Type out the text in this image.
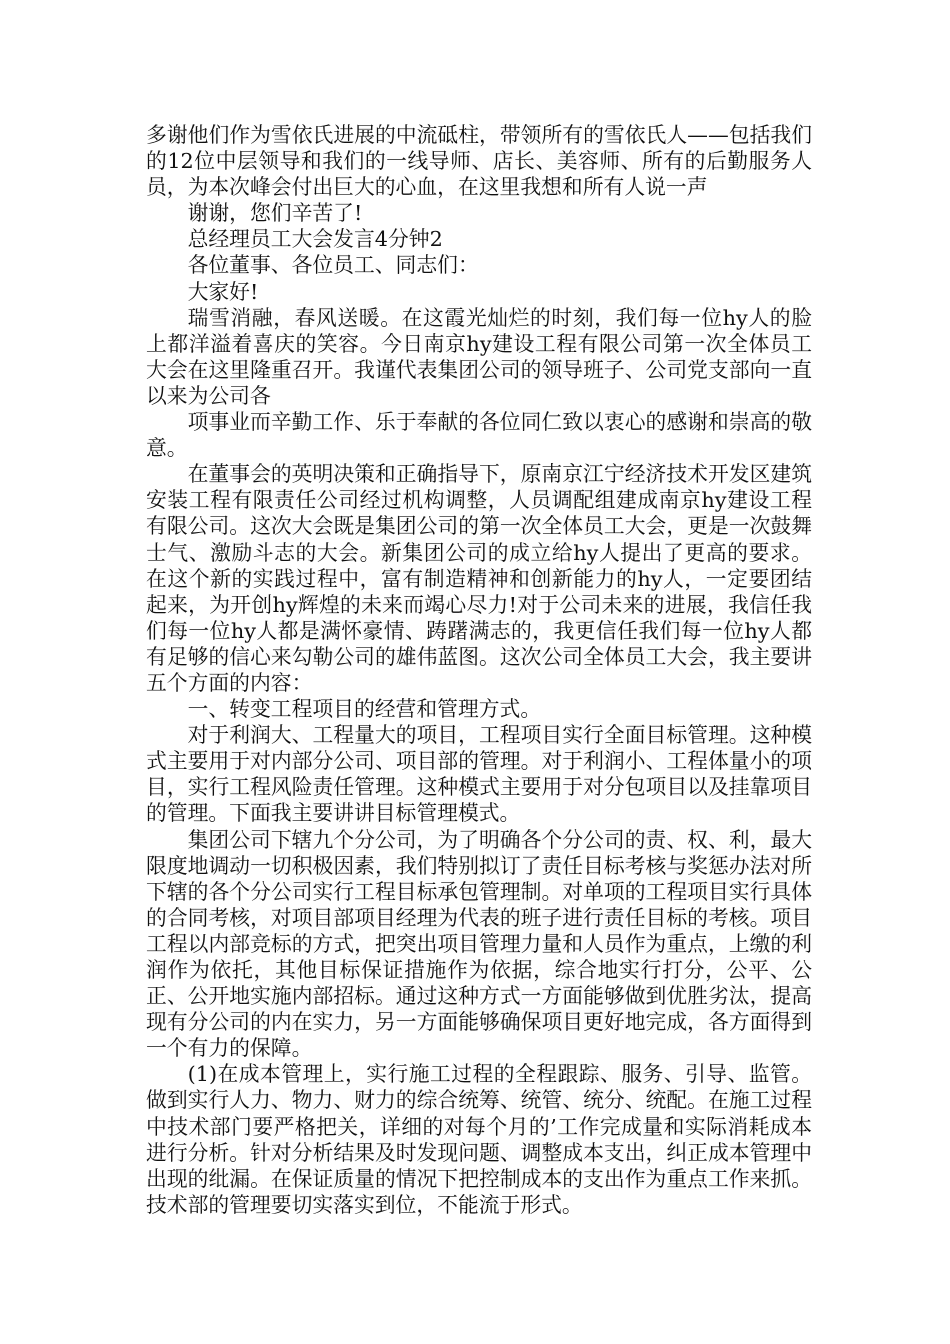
多谢他们作为雪依氏进展的中流砥柱，带领所有的雪依氏人——包括我们的12位中层领导和我们的一线导师、店长、美容师、所有的后勤服务人员，为本次峰会付出巨大的心血，在这里我想和所有人说一声

谢谢，您们辛苦了!

总经理员工大会发言4分钟2

各位董事、各位员工、同志们：

大家好!

瑞雪消融，春风送暖。在这霞光灿烂的时刻，我们每一位hy人的脸上都洋溢着喜庆的笑容。今日南京hy建设工程有限公司第一次全体员工大会在这里隆重召开。我谨代表集团公司的领导班子、公司党支部向一直以来为公司各

项事业而辛勤工作、乐于奉献的各位同仁致以衷心的感谢和崇高的敬意。

在董事会的英明决策和正确指导下，原南京江宁经济技术开发区建筑安装工程有限责任公司经过机构调整，人员调配组建成南京hy建设工程有限公司。这次大会既是集团公司的第一次全体员工大会，更是一次鼓舞士气、激励斗志的大会。新集团公司的成立给hy人提出了更高的要求。在这个新的实践过程中，富有制造精神和创新能力的hy人，一定要团结起来，为开创hy辉煌的未来而竭心尽力!对于公司未来的进展，我信任我们每一位hy人都是满怀豪情、踌躇满志的，我更信任我们每一位hy人都有足够的信心来勾勒公司的雄伟蓝图。这次公司全体员工大会，我主要讲五个方面的内容：

一、转变工程项目的经营和管理方式。

对于利润大、工程量大的项目，工程项目实行全面目标管理。这种模式主要用于对内部分公司、项目部的管理。对于利润小、工程体量小的项目，实行工程风险责任管理。这种模式主要用于对分包项目以及挂靠项目的管理。下面我主要讲讲目标管理模式。

集团公司下辖九个分公司，为了明确各个分公司的责、权、利，最大限度地调动一切积极因素，我们特别拟订了责任目标考核与奖惩办法对所下辖的各个分公司实行工程目标承包管理制。对单项的工程项目实行具体的合同考核，对项目部项目经理为代表的班子进行责任目标的考核。项目工程以内部竞标的方式，把突出项目管理力量和人员作为重点，上缴的利润作为依托，其他目标保证措施作为依据，综合地实行打分，公平、公正、公开地实施内部招标。通过这种方式一方面能够做到优胜劣汰，提高现有分公司的内在实力，另一方面能够确保项目更好地完成，各方面得到一个有力的保障。

(1)在成本管理上，实行施工过程的全程跟踪、服务、引导、监管。做到实行人力、物力、财力的综合统筹、统管、统分、统配。在施工过程中技术部门要严格把关，详细的对每个月的’工作完成量和实际消耗成本进行分析。针对分析结果及时发现问题、调整成本支出，纠正成本管理中出现的纰漏。在保证质量的情况下把控制成本的支出作为重点工作来抓。技术部的管理要切实落实到位，不能流于形式。
